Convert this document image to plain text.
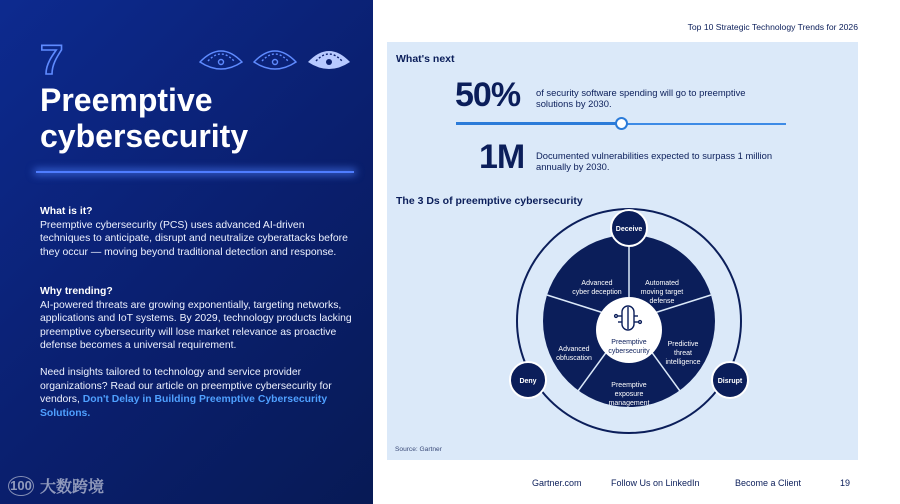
7
Preemptive
cybersecurity
What is it?

Preemptive cybersecurity (PCS) uses advanced AI-driven techniques to anticipate, disrupt and neutralize cyberattacks before they occur — moving beyond traditional detection and response.

Why trending?

AI-powered threats are growing exponentially, targeting networks, applications and IoT systems. By 2029, technology products lacking preemptive cybersecurity will lose market relevance as proactive defense becomes a universal requirement.

Need insights tailored to technology and service provider organizations? Read our article on preemptive cybersecurity for vendors, Don't Delay in Building Preemptive Cybersecurity Solutions.
100 大数跨境
Top 10 Strategic Technology Trends for 2026
What's next
50% of security software spending will go to preemptive solutions by 2030.
1M Documented vulnerabilities expected to surpass 1 million annually by 2030.
The 3 Ds of preemptive cybersecurity
Preemptive
cybersecurity
Advanced
cyber deception
Automated
moving target
defense
Predictive
threat
intelligence
Preemptive
exposure
management
Advanced
obfuscation
Deceive
Disrupt
Deny
Source: Gartner
Gartner.com	Follow Us on LinkedIn	Become a Client	19
